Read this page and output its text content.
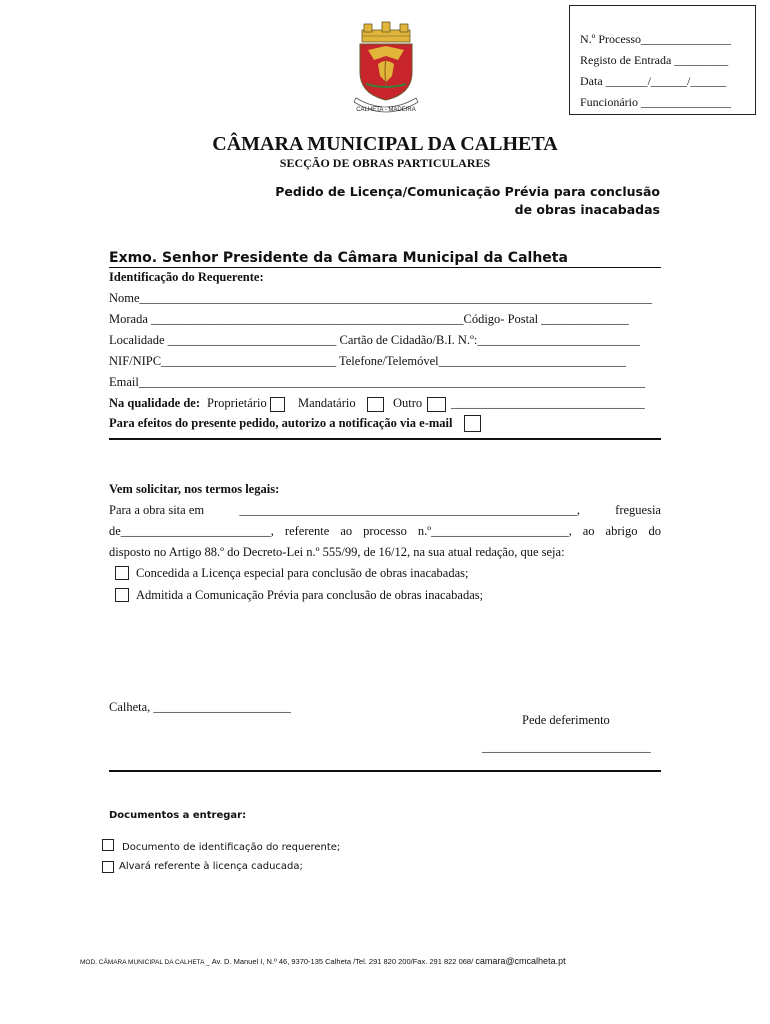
N.º Processo_______________
Registo de Entrada _________
Data _______/______/______
Funcionário _______________
CALHETA - MADEIRA
CÂMARA MUNICIPAL DA CALHETA
SECÇÃO DE OBRAS PARTICULARES
Pedido de Licença/Comunicação Prévia para conclusão
de obras inacabadas
Exmo. Senhor Presidente da Câmara Municipal da Calheta
Identificação do Requerente:
Nome__________________________________________________________________________________
Morada __________________________________________________Código- Postal ______________
Localidade ___________________________ Cartão de Cidadão/B.I. N.º:__________________________
NIF/NIPC____________________________ Telefone/Telemóvel______________________________
Email_________________________________________________________________________________
Na qualidade de: Proprietário	Mandatário	Outro _______________________________
Para efeitos do presente pedido, autorizo a notificação via e-mail
Vem solicitar, nos termos legais:
Para a obra sita em	______________________________________________________,	freguesia
de________________________, referente ao processo n.º______________________, ao abrigo do
disposto no Artigo 88.º do Decreto-Lei n.º 555/99, de 16/12, na sua atual redação, que seja:
Concedida a Licença especial para conclusão de obras inacabadas;
Admitida a Comunicação Prévia para conclusão de obras inacabadas;
Calheta, ______________________
Pede deferimento
___________________________
Documentos a entregar:
Documento de identificação do requerente;
Alvará referente à licença caducada;
MOD. CÂMARA MUNICIPAL DA CALHETA _ Av. D. Manuel I, N.º 46, 9370-135 Calheta /Tel. 291 820 200/Fax. 291 822 068/ camara@cmcalheta.pt
